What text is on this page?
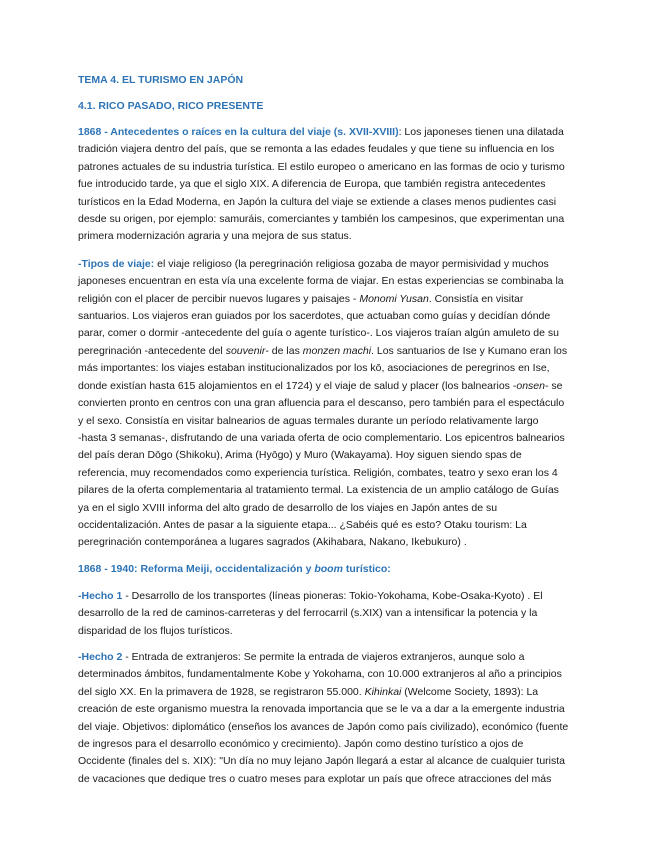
TEMA 4. EL TURISMO EN JAPÓN

4.1. RICO PASADO, RICO PRESENTE

1868 - Antecedentes o raíces en la cultura del viaje (s. XVII-XVIII): Los japoneses tienen una dilatada
tradición viajera dentro del país, que se remonta a las edades feudales y que tiene su influencia en los
patrones actuales de su industria turística. El estilo europeo o americano en las formas de ocio y turismo
fue introducido tarde, ya que el siglo XIX. A diferencia de Europa, que también registra antecedentes
turísticos en la Edad Moderna, en Japón la cultura del viaje se extiende a clases menos pudientes casi
desde su origen, por ejemplo: samuráis, comerciantes y también los campesinos, que experimentan una
primera modernización agraria y una mejora de sus status.

-Tipos de viaje: el viaje religioso (la peregrinación religiosa gozaba de mayor permisividad y muchos
japoneses encuentran en esta vía una excelente forma de viajar. En estas experiencias se combinaba la
religión con el placer de percibir nuevos lugares y paisajes - Monomi Yusan. Consistía en visitar
santuarios. Los viajeros eran guiados por los sacerdotes, que actuaban como guías y decidían dónde
parar, comer o dormir -antecedente del guía o agente turístico-. Los viajeros traían algún amuleto de su
peregrinación -antecedente del souvenir- de las monzen machi. Los santuarios de Ise y Kumano eran los
más importantes: los viajes estaban institucionalizados por los kō, asociaciones de peregrinos en Ise,
donde existían hasta 615 alojamientos en el 1724) y el viaje de salud y placer (los balnearios -onsen- se
convierten pronto en centros con una gran afluencia para el descanso, pero también para el espectáculo
y el sexo. Consistía en visitar balnearios de aguas termales durante un período relativamente largo
-hasta 3 semanas-, disfrutando de una variada oferta de ocio complementario. Los epicentros balnearios
del país deran Dōgo (Shikoku), Arima (Hyōgo) y Muro (Wakayama). Hoy siguen siendo spas de
referencia, muy recomendados como experiencia turística. Religión, combates, teatro y sexo eran los 4
pilares de la oferta complementaria al tratamiento termal. La existencia de un amplio catálogo de Guías
ya en el siglo XVIII informa del alto grado de desarrollo de los viajes en Japón antes de su
occidentalización. Antes de pasar a la siguiente etapa... ¿Sabéis qué es esto? Otaku tourism: La
peregrinación contemporánea a lugares sagrados (Akihabara, Nakano, Ikebukuro) .

1868 - 1940: Reforma Meiji, occidentalización y boom turístico:

-Hecho 1 - Desarrollo de los transportes (líneas pioneras: Tokio-Yokohama, Kobe-Osaka-Kyoto) . El
desarrollo de la red de caminos-carreteras y del ferrocarril (s.XIX) van a intensificar la potencia y la
disparidad de los flujos turísticos.

-Hecho 2 - Entrada de extranjeros: Se permite la entrada de viajeros extranjeros, aunque solo a
determinados ámbitos, fundamentalmente Kobe y Yokohama, con 10.000 extranjeros al año a principios
del siglo XX. En la primavera de 1928, se registraron 55.000. Kihinkai (Welcome Society, 1893): La
creación de este organismo muestra la renovada importancia que se le va a dar a la emergente industria
del viaje. Objetivos: diplomático (enseños los avances de Japón como país civilizado), económico (fuente
de ingresos para el desarrollo económico y crecimiento). Japón como destino turístico a ojos de
Occidente (finales del s. XIX): "Un día no muy lejano Japón llegará a estar al alcance de cualquier turista
de vacaciones que dedique tres o cuatro meses para explotar un país que ofrece atracciones del más
